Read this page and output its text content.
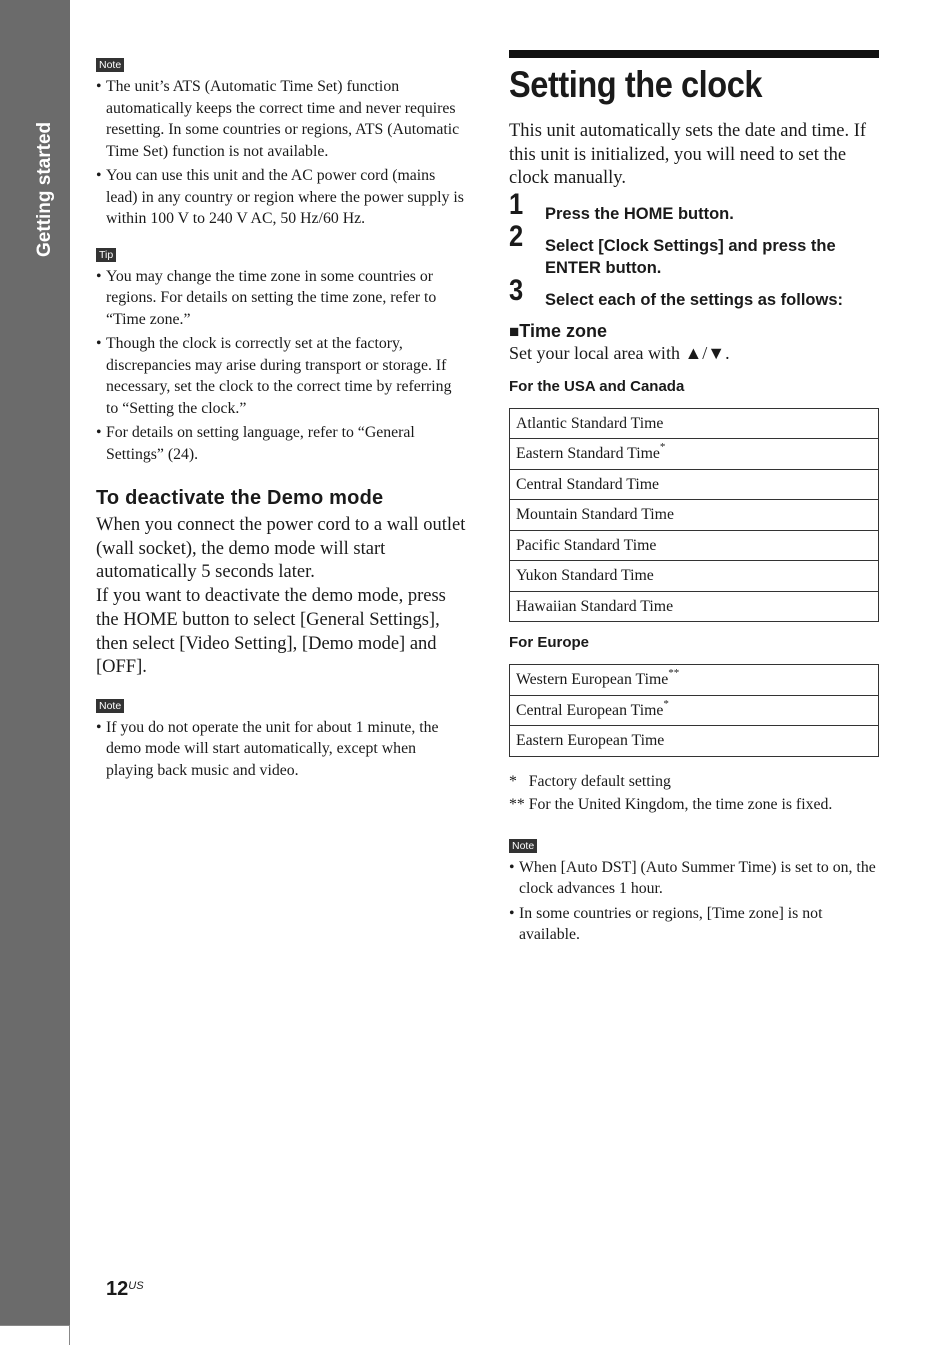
Getting started
Note
• The unit’s ATS (Automatic Time Set) function automatically keeps the correct time and never requires resetting. In some countries or regions, ATS (Automatic Time Set) function is not available.
• You can use this unit and the AC power cord (mains lead) in any country or region where the power supply is within 100 V to 240 V AC, 50 Hz/60 Hz.
Tip
• You may change the time zone in some countries or regions. For details on setting the time zone, refer to “Time zone.”
• Though the clock is correctly set at the factory, discrepancies may arise during transport or storage. If necessary, set the clock to the correct time by referring to “Setting the clock.”
• For details on setting language, refer to “General Settings” (24).
To deactivate the Demo mode

When you connect the power cord to a wall outlet (wall socket), the demo mode will start automatically 5 seconds later.

If you want to deactivate the demo mode, press the HOME button to select [General Settings], then select [Video Setting], [Demo mode] and [OFF].

Note
• If you do not operate the unit for about 1 minute, the demo mode will start automatically, except when playing back music and video.
Setting the clock

This unit automatically sets the date and time. If this unit is initialized, you will need to set the clock manually.

1 Press the HOME button.
2 Select [Clock Settings] and press the ENTER button.
3 Select each of the settings as follows:
■Time zone

Set your local area with ▲/▼.

For the USA and Canada
Atlantic Standard Time
Eastern Standard Time*
Central Standard Time
Mountain Standard Time
Pacific Standard Time
Yukon Standard Time
Hawaiian Standard Time
For Europe
Western European Time**
Central European Time*
Eastern European Time
*   Factory default setting
** For the United Kingdom, the time zone is fixed.
Note
• When [Auto DST] (Auto Summer Time) is set to on, the clock advances 1 hour.
• In some countries or regions, [Time zone] is not available.
$12^{US}$
